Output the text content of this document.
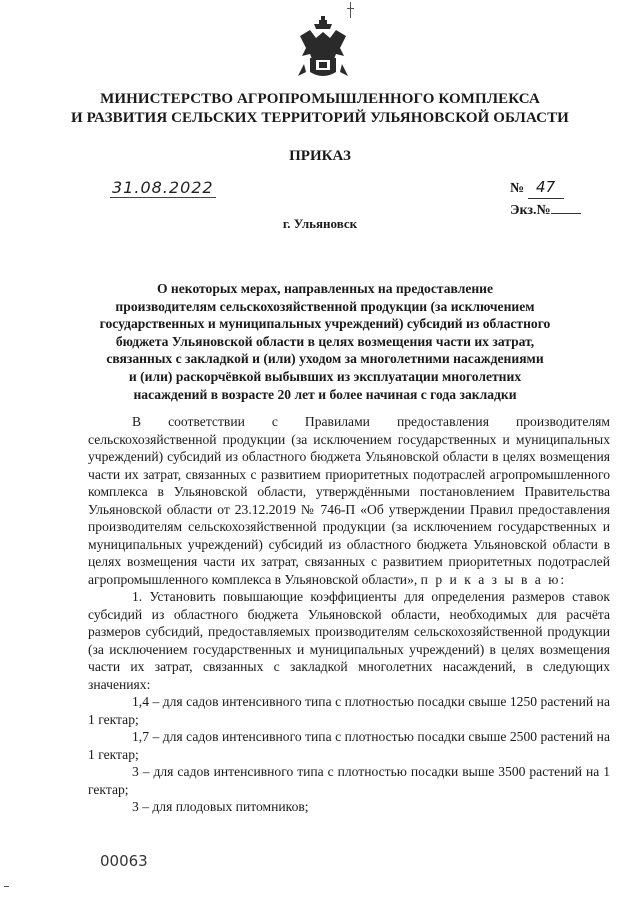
МИНИСТЕРСТВО АГРОПРОМЫШЛЕННОГО КОМПЛЕКСА
И РАЗВИТИЯ СЕЛЬСКИХ ТЕРРИТОРИЙ УЛЬЯНОВСКОЙ ОБЛАСТИ
ПРИКАЗ
31.08.2022	№ 47
Экз.№
г. Ульяновск
О некоторых мерах, направленных на предоставление
производителям сельскохозяйственной продукции (за исключением
государственных и муниципальных учреждений) субсидий из областного
бюджета Ульяновской области в целях возмещения части их затрат,
связанных с закладкой и (или) уходом за многолетними насаждениями
и (или) раскорчёвкой выбывших из эксплуатации многолетних
насаждений в возрасте 20 лет и более начиная с года закладки

В соответствии с Правилами предоставления производителям сельскохозяйственной продукции (за исключением государственных и муниципальных учреждений) субсидий из областного бюджета Ульяновской области в целях возмещения части их затрат, связанных с развитием приоритетных подотраслей агропромышленного комплекса в Ульяновской области, утверждёнными постановлением Правительства Ульяновской области от 23.12.2019 № 746-П «Об утверждении Правил предоставления производителям сельскохозяйственной продукции (за исключением государственных и муниципальных учреждений) субсидий из областного бюджета Ульяновской области в целях возмещения части их затрат, связанных с развитием приоритетных подотраслей агропромышленного комплекса в Ульяновской области», п р и к а з ы в а ю:

1. Установить повышающие коэффициенты для определения размеров ставок субсидий из областного бюджета Ульяновской области, необходимых для расчёта размеров субсидий, предоставляемых производителям сельскохозяйственной продукции (за исключением государственных и муниципальных учреждений) в целях возмещения части их затрат, связанных с закладкой многолетних насаждений, в следующих значениях:

1,4 – для садов интенсивного типа с плотностью посадки свыше 1250 растений на 1 гектар;

1,7 – для садов интенсивного типа с плотностью посадки свыше 2500 растений на 1 гектар;

3 – для садов интенсивного типа с плотностью посадки выше 3500 растений на 1 гектар;

3 – для плодовых питомников;

00063
